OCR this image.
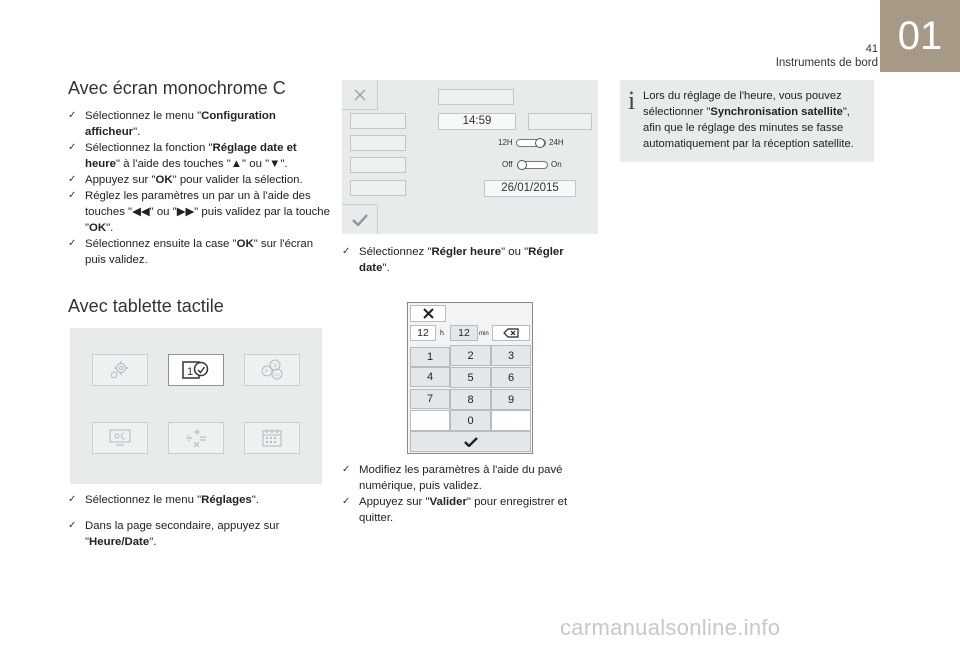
01
41
Instruments de bord
Avec écran monochrome C
✓︎ Sélectionnez le menu "Configuration afficheur".
✓︎ Sélectionnez la fonction "Réglage date et heure" à l'aide des touches "▲" ou "▼".
✓︎ Appuyez sur "OK" pour valider la sélection.
✓︎ Réglez les paramètres un par un à l'aide des touches "◀◀" ou "▶▶" puis validez par la touche "OK".
✓︎ Sélectionnez ensuite la case "OK" sur l'écran puis validez.
Avec tablette tactile
1	P
D
GB
✓︎ Sélectionnez le menu "Réglages".
✓︎ Dans la page secondaire, appuyez sur "Heure/Date".
14:59
12H	24H
Off	On
26/01/2015
✓︎ Sélectionnez "Régler heure" ou "Régler date".
12	h	12	min
1	2	3
4	5	6
7	8	9
0
✓︎ Modifiez les paramètres à l'aide du pavé numérique, puis validez.
✓︎ Appuyez sur "Valider" pour enregistrer et quitter.
i Lors du réglage de l'heure, vous pouvez sélectionner "Synchronisation satellite", afin que le réglage des minutes se fasse automatiquement par la réception satellite.
carmanualsonline.info
